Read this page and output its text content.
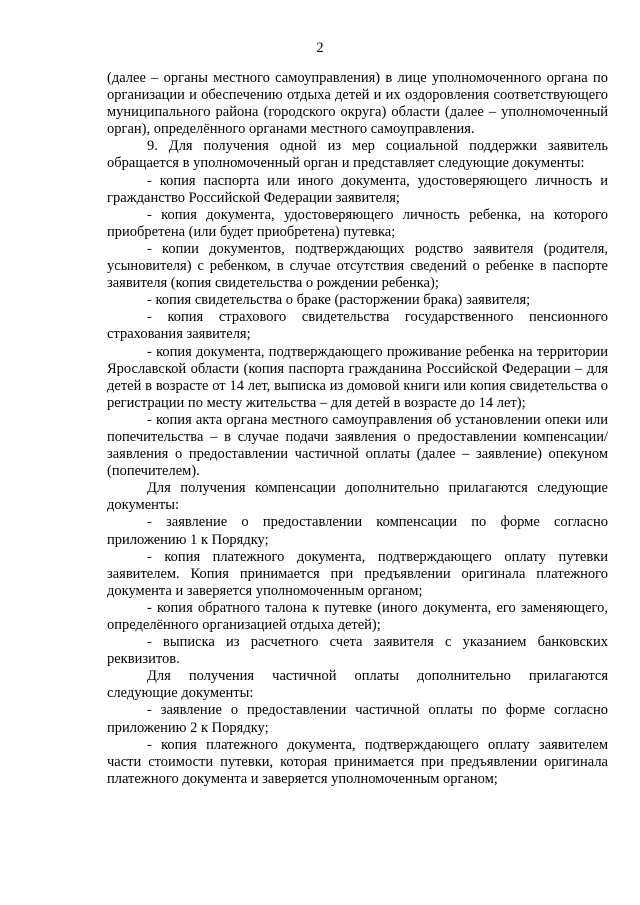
2

(далее – органы местного самоуправления) в лице уполномоченного органа по организации и обеспечению отдыха детей и их оздоровления соответствующего муниципального района (городского округа) области (далее – уполномоченный орган), определённого органами местного самоуправления.

9. Для получения одной из мер социальной поддержки заявитель обращается в уполномоченный орган и представляет следующие документы:

- копия паспорта или иного документа, удостоверяющего личность и гражданство Российской Федерации заявителя;

- копия документа, удостоверяющего личность ребенка, на которого приобретена (или будет приобретена) путевка;

- копии документов, подтверждающих родство заявителя (родителя, усыновителя) с ребенком, в случае отсутствия сведений о ребенке в паспорте заявителя (копия свидетельства о рождении ребенка);

- копия свидетельства о браке (расторжении брака) заявителя;

- копия страхового свидетельства государственного пенсионного страхования заявителя;

- копия документа, подтверждающего проживание ребенка на территории Ярославской области (копия паспорта гражданина Российской Федерации – для детей в возрасте от 14 лет, выписка из домовой книги или копия свидетельства о регистрации по месту жительства – для детей в возрасте до 14 лет);

- копия акта органа местного самоуправления об установлении опеки или попечительства – в случае подачи заявления о предоставлении компенсации/ заявления о предоставлении частичной оплаты (далее – заявление) опекуном (попечителем).

Для получения компенсации дополнительно прилагаются следующие документы:

- заявление о предоставлении компенсации по форме согласно приложению 1 к Порядку;

- копия платежного документа, подтверждающего оплату путевки заявителем. Копия принимается при предъявлении оригинала платежного документа и заверяется уполномоченным органом;

- копия обратного талона к путевке (иного документа, его заменяющего, определённого организацией отдыха детей);

- выписка из расчетного счета заявителя с указанием банковских реквизитов.

Для получения частичной оплаты дополнительно прилагаются следующие документы:

- заявление о предоставлении частичной оплаты по форме согласно приложению 2 к Порядку;

- копия платежного документа, подтверждающего оплату заявителем части стоимости путевки, которая принимается при предъявлении оригинала платежного документа и заверяется уполномоченным органом;
